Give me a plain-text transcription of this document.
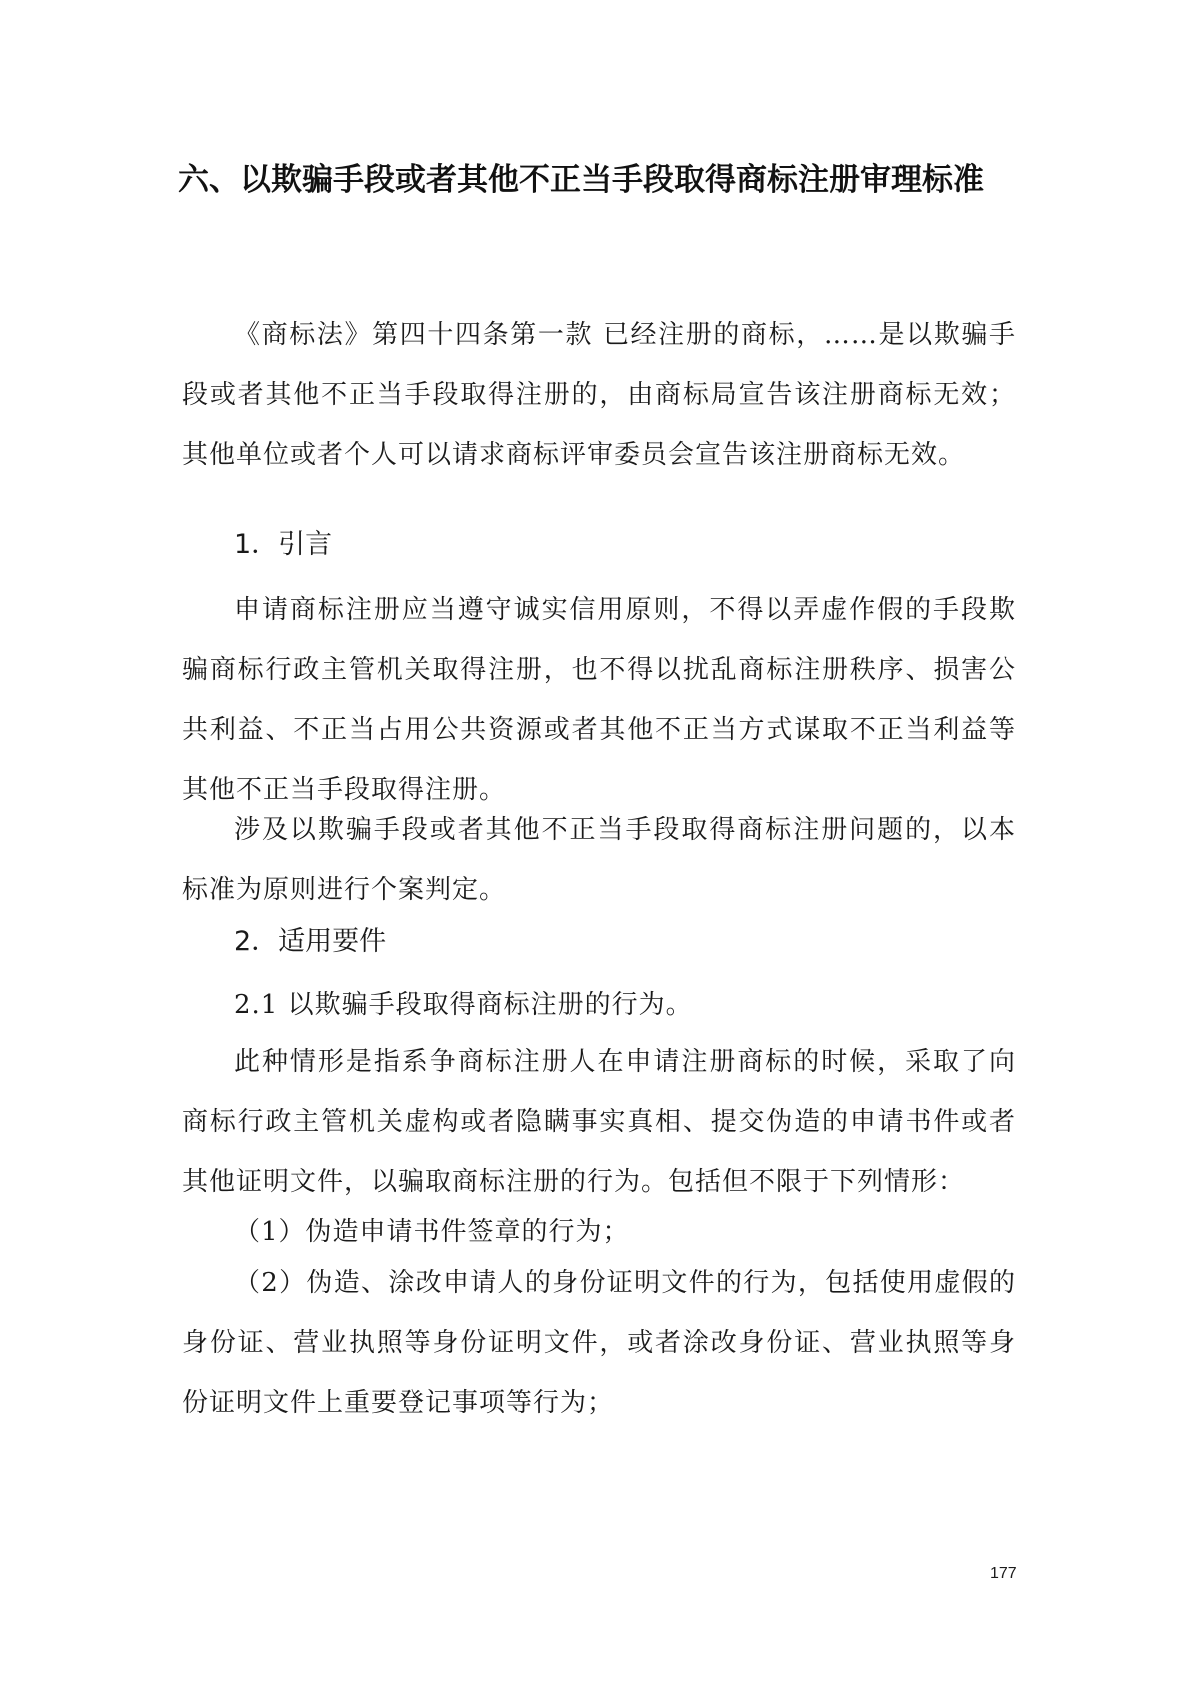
六、以欺骗手段或者其他不正当手段取得商标注册审理标准
《商标法》第四十四条第一款 已经注册的商标，……是以欺骗手段或者其他不正当手段取得注册的，由商标局宣告该注册商标无效；其他单位或者个人可以请求商标评审委员会宣告该注册商标无效。
1．引言
申请商标注册应当遵守诚实信用原则，不得以弄虚作假的手段欺骗商标行政主管机关取得注册，也不得以扰乱商标注册秩序、损害公共利益、不正当占用公共资源或者其他不正当方式谋取不正当利益等其他不正当手段取得注册。
涉及以欺骗手段或者其他不正当手段取得商标注册问题的，以本标准为原则进行个案判定。
2．适用要件
2.1 以欺骗手段取得商标注册的行为。
此种情形是指系争商标注册人在申请注册商标的时候，采取了向商标行政主管机关虚构或者隐瞒事实真相、提交伪造的申请书件或者其他证明文件，以骗取商标注册的行为。包括但不限于下列情形：
（1）伪造申请书件签章的行为；
（2）伪造、涂改申请人的身份证明文件的行为，包括使用虚假的身份证、营业执照等身份证明文件，或者涂改身份证、营业执照等身份证明文件上重要登记事项等行为；
177
